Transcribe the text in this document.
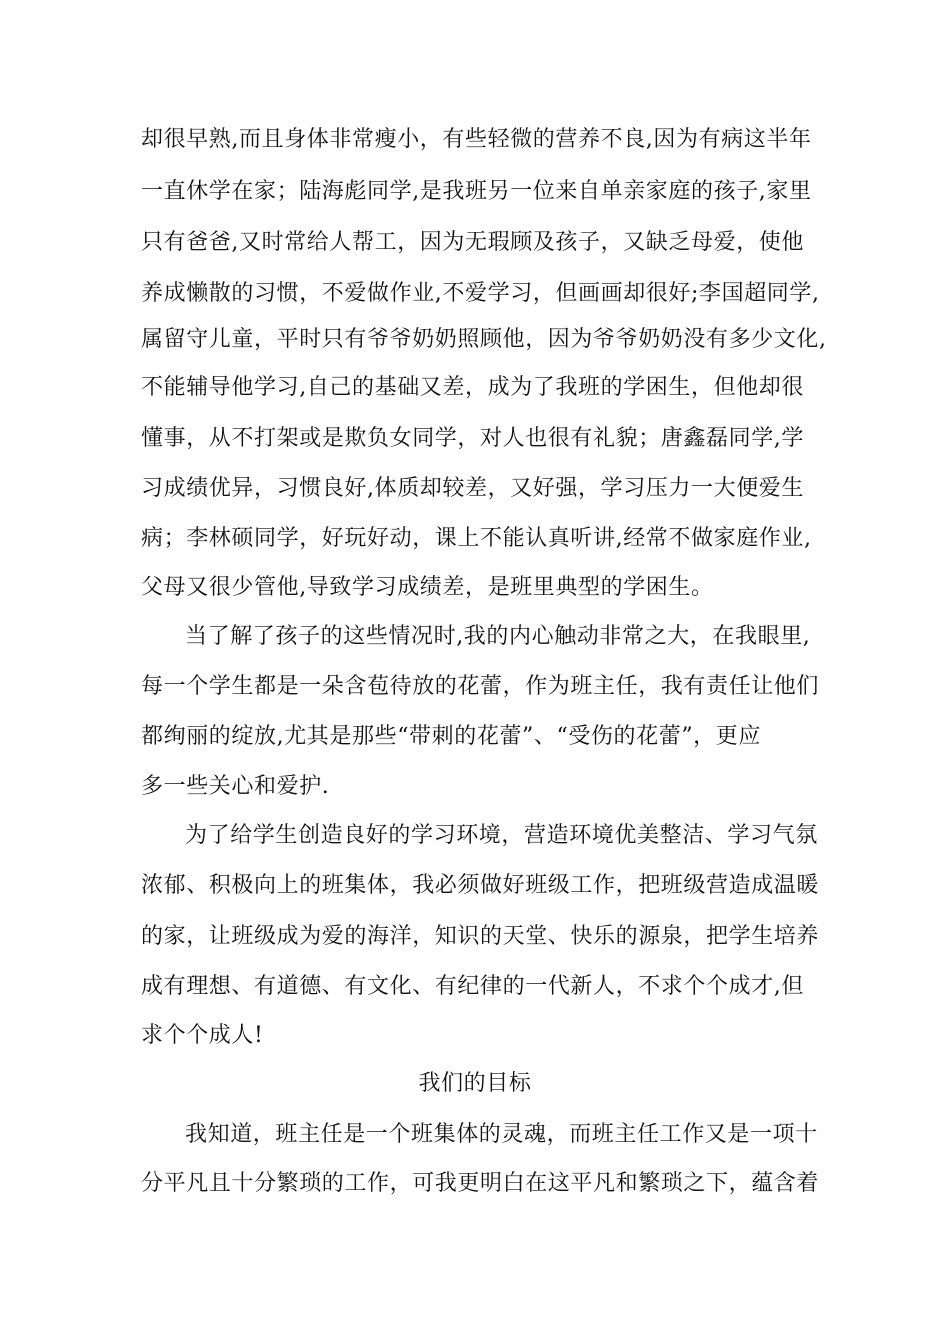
却很早熟,而且身体非常瘦小，有些轻微的营养不良,因为有病这半年
一直休学在家；陆海彪同学,是我班另一位来自单亲家庭的孩子,家里
只有爸爸,又时常给人帮工，因为无瑕顾及孩子，又缺乏母爱，使他
养成懒散的习惯，不爱做作业,不爱学习，但画画却很好;李国超同学,
属留守儿童，平时只有爷爷奶奶照顾他，因为爷爷奶奶没有多少文化,
不能辅导他学习,自己的基础又差，成为了我班的学困生，但他却很
懂事，从不打架或是欺负女同学，对人也很有礼貌；唐鑫磊同学,学
习成绩优异，习惯良好,体质却较差，又好强，学习压力一大便爱生
病；李林硕同学，好玩好动，课上不能认真听讲,经常不做家庭作业,
父母又很少管他,导致学习成绩差，是班里典型的学困生。
当了解了孩子的这些情况时,我的内心触动非常之大，在我眼里,
每一个学生都是一朵含苞待放的花蕾，作为班主任，我有责任让他们
都绚丽的绽放,尤其是那些“带刺的花蕾”、“受伤的花蕾”，更应
多一些关心和爱护.
为了给学生创造良好的学习环境，营造环境优美整洁、学习气氛
浓郁、积极向上的班集体，我必须做好班级工作，把班级营造成温暖
的家，让班级成为爱的海洋，知识的天堂、快乐的源泉，把学生培养
成有理想、有道德、有文化、有纪律的一代新人，不求个个成才,但
求个个成人!
我们的目标
我知道，班主任是一个班集体的灵魂，而班主任工作又是一项十
分平凡且十分繁琐的工作，可我更明白在这平凡和繁琐之下，蕴含着
